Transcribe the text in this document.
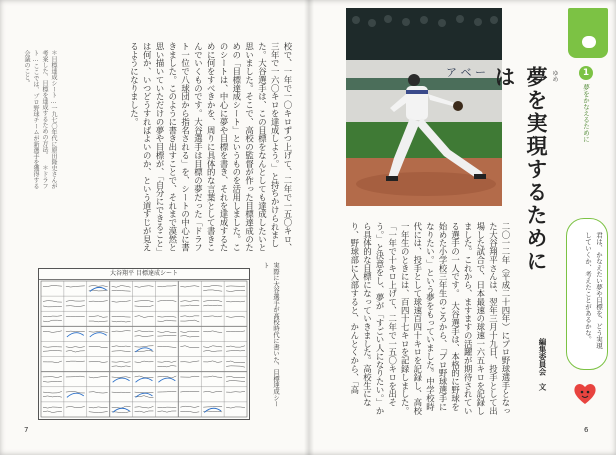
校で、一年で一〇キロずつ上げて、二年で一五〇キロ、三年で一六〇キロを達成しよう。」と持ちかけられました。大谷選手は、この目標をなんとしても達成したいと思いました。そこで、高校の監督が作った目標達成のための「目標達成シート」というものを活用しました。このシートは、中心に夢や目標を書き、それを達成するために何をすべきかを、周りに具体的な言葉として書きこんでいくものです。大谷選手は目標の夢だった「ドラフト一位で八球団から指名される」を、シートの中心に書きました。このように書き出すことで、それまで漠然と思い描いていただけの夢や目標が、「自分にできること」は何か、いつどうすればよいのか、という道すじが見えるようになりました。
＊目標達成シート…一九七〇年代に原田隆史さんが考案した、目標を達成するための方法。 ＊ドラフト…ここでは、プロ野球チームが新選手を獲得する会議のこと。
実際に大谷選手が高校時代に書いた、目標達成シート
大谷翔平 目標達成シート
7
ア ベ ー	1
夢をかなえるために
ゆめ
夢を実現するためには
君は、かなえたい夢や目標を、どう実現していくか、考えたことがあるかな。
二〇一二年（平成二十四年）にプロ野球選手となった大谷翔平さんは、翌年三月十九日、投手として出場した試合で、日本最速の球速一六五キロを記録しました。これから、ますますの活躍が期待されている選手の一人です。　大谷選手は、本格的に野球を始めた小学校三年生のころから、「プロ野球選手になりたい。」という夢をもっていました。中学校時代には、投手として球速百四十キロを記録し、高校一年生のときには、百四十七キロを記録しました。「一年で十キロ上げて、二年で一五〇キロを出そう。」と決意をし、夢が「すごい人になりたい。」から具体的な目標になっていきました。高校生になり、野球部に入部すると、かんとくから、「高	編集委員会　文
6
